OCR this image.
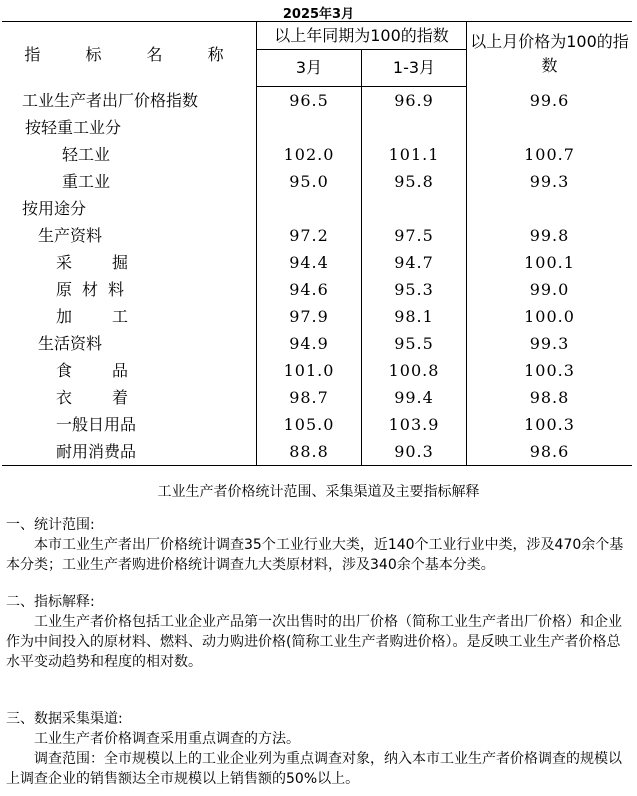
2025年3月
指 标 名 称	以上年同期为100的指数		以上月价格为100的指数
	3月	1-3月	
工业生产者出厂价格指数	96.5	96.9	99.6
按轻重工业分			
轻工业	102.0	101.1	100.7
重工业	95.0	95.8	99.3
按用途分			
生产资料	97.2	97.5	99.8
采掘	94.4	94.7	100.1
原材料	94.6	95.3	99.0
加工	97.9	98.1	100.0
生活资料	94.9	95.5	99.3
食品	101.0	100.8	100.3
衣着	98.7	99.4	98.8
一般日用品	105.0	103.9	100.3
耐用消费品	88.8	90.3	98.6
工业生产者价格统计范围、采集渠道及主要指标解释

一、统计范围:

本市工业生产者出厂价格统计调查35个工业行业大类，近140个工业行业中类，涉及470余个基本分类；工业生产者购进价格统计调查九大类原材料，涉及340余个基本分类。

二、指标解释:

工业生产者价格包括工业企业产品第一次出售时的出厂价格（简称工业生产者出厂价格）和企业作为中间投入的原材料、燃料、动力购进价格(简称工业生产者购进价格）。是反映工业生产者价格总水平变动趋势和程度的相对数。

三、数据采集渠道:

工业生产者价格调查采用重点调查的方法。

调查范围：全市规模以上的工业企业列为重点调查对象，纳入本市工业生产者价格调查的规模以上调查企业的销售额达全市规模以上销售额的50%以上。
